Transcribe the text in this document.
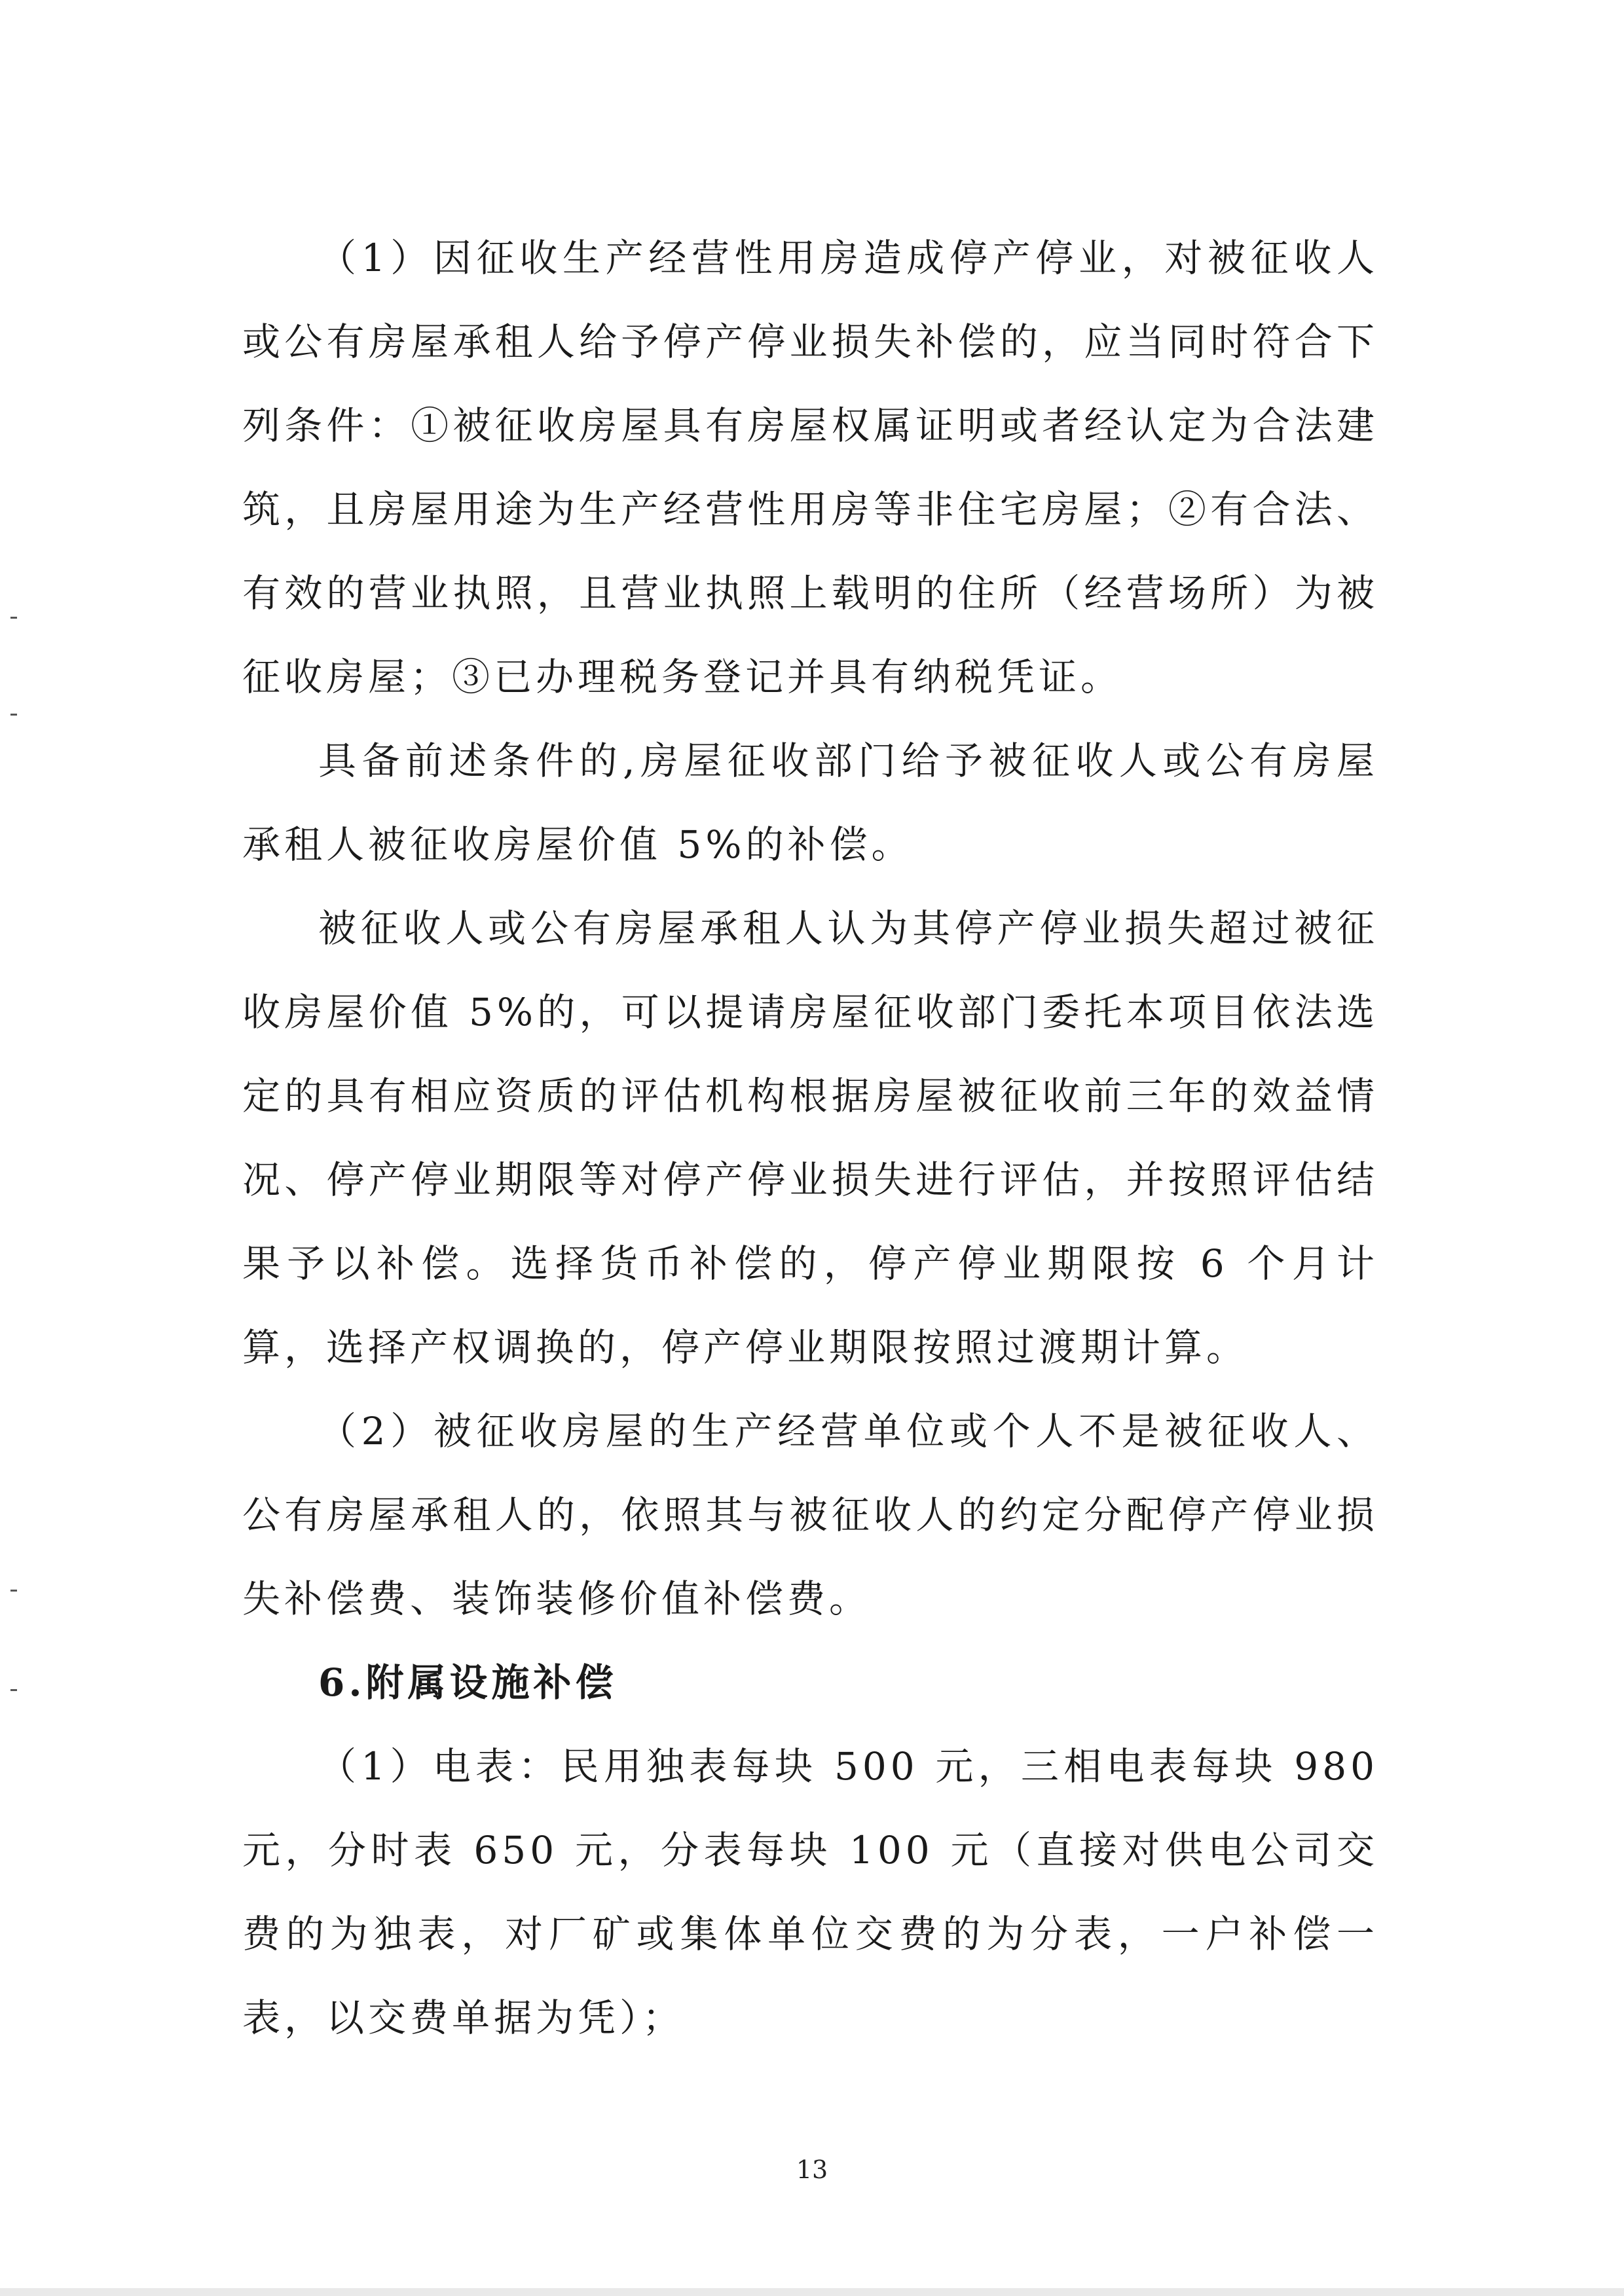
（1）因征收生产经营性用房造成停产停业，对被征收人或公有房屋承租人给予停产停业损失补偿的，应当同时符合下列条件：①被征收房屋具有房屋权属证明或者经认定为合法建筑，且房屋用途为生产经营性用房等非住宅房屋；②有合法、有效的营业执照，且营业执照上载明的住所（经营场所）为被征收房屋；③已办理税务登记并具有纳税凭证。

具备前述条件的,房屋征收部门给予被征收人或公有房屋承租人被征收房屋价值 5%的补偿。

被征收人或公有房屋承租人认为其停产停业损失超过被征收房屋价值 5%的，可以提请房屋征收部门委托本项目依法选定的具有相应资质的评估机构根据房屋被征收前三年的效益情况、停产停业期限等对停产停业损失进行评估，并按照评估结果予以补偿。选择货币补偿的，停产停业期限按 6 个月计算，选择产权调换的，停产停业期限按照过渡期计算。

（2）被征收房屋的生产经营单位或个人不是被征收人、公有房屋承租人的，依照其与被征收人的约定分配停产停业损失补偿费、装饰装修价值补偿费。

6.附属设施补偿

（1）电表：民用独表每块 500 元，三相电表每块 980 元，分时表 650 元，分表每块 100 元（直接对供电公司交费的为独表，对厂矿或集体单位交费的为分表，一户补偿一表，以交费单据为凭）；

13
